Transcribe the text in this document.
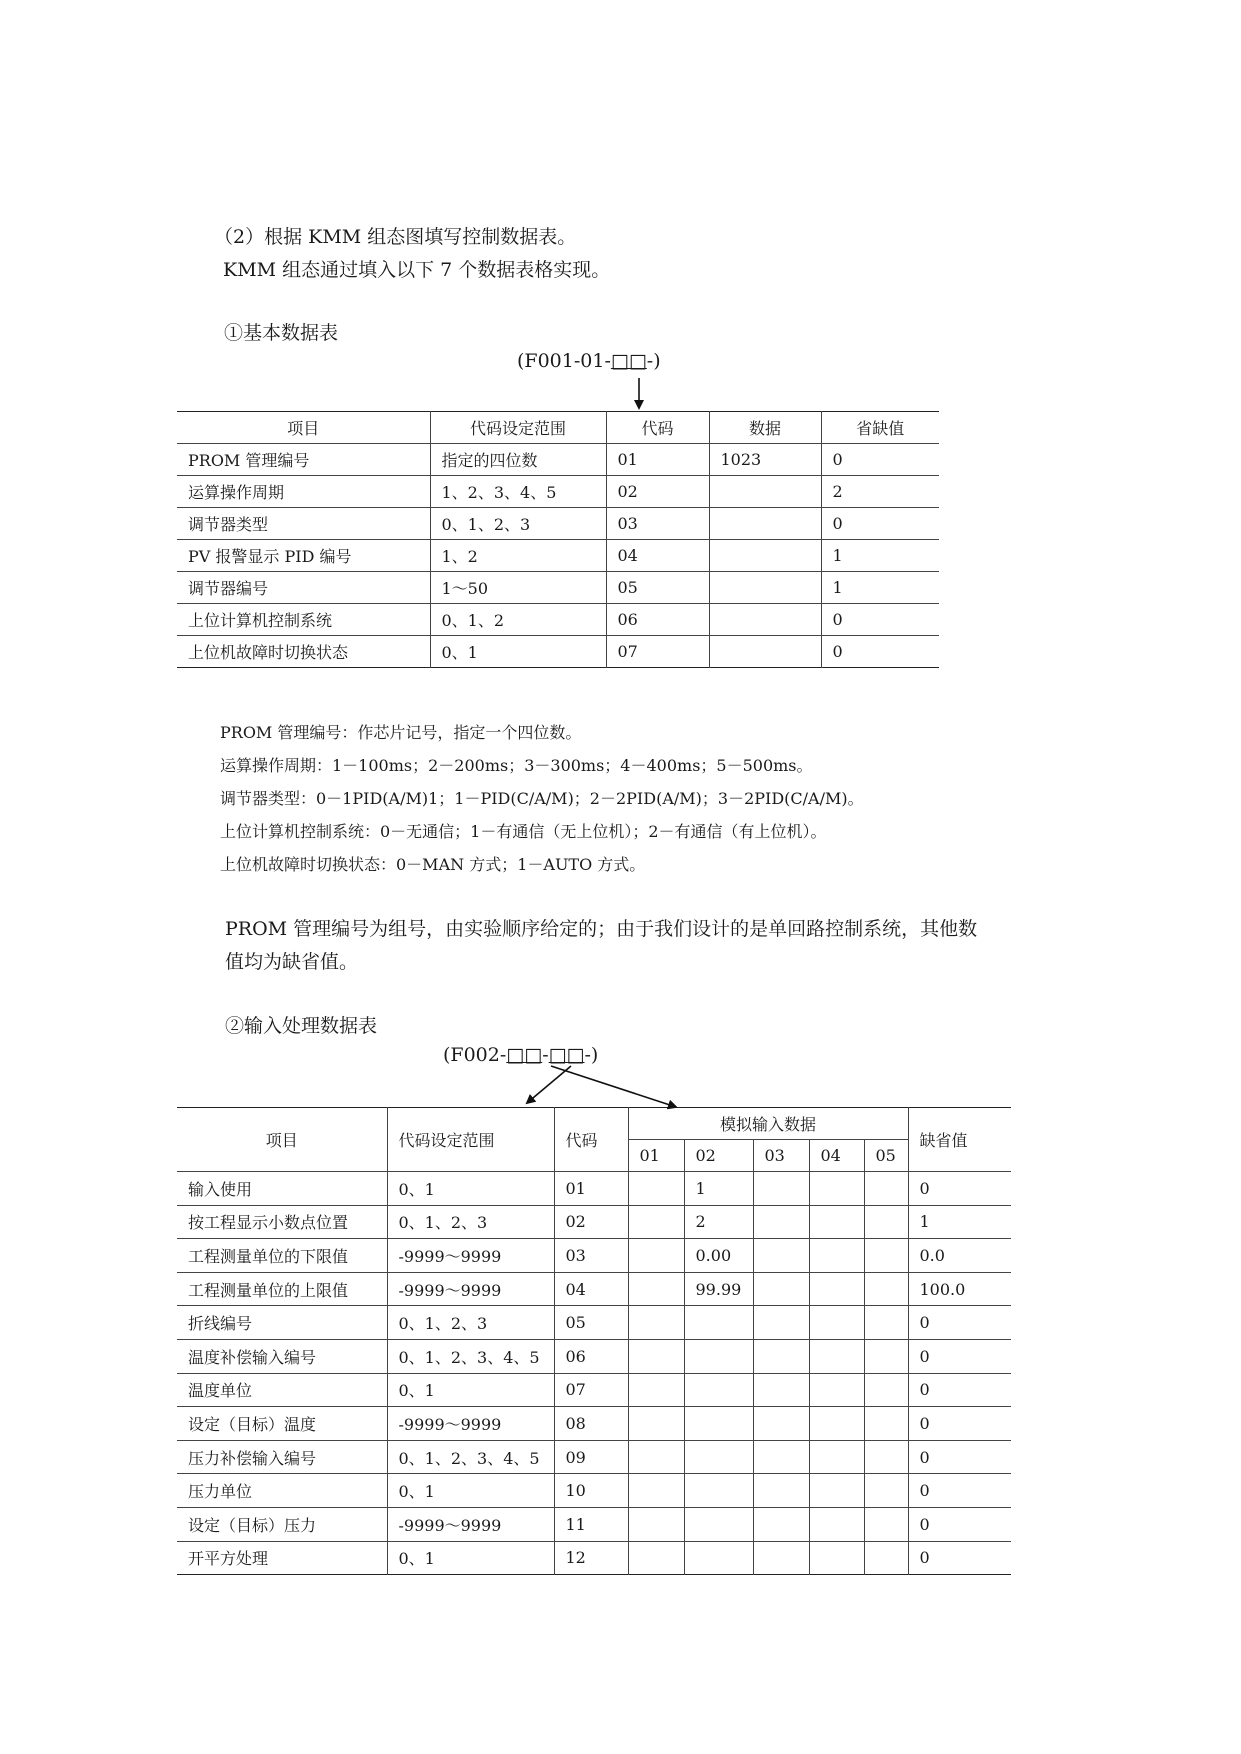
（2）根据 KMM 组态图填写控制数据表。
KMM 组态通过填入以下 7 个数据表格实现。
①基本数据表
(F001-01-□□-)
项目	代码设定范围	代码	数据	省缺值
PROM 管理编号	指定的四位数	01	1023	0
运算操作周期	1、2、3、4、5	02		2
调节器类型	0、1、2、3	03		0
PV 报警显示 PID 编号	1、2	04		1
调节器编号	1～50	05		1
上位计算机控制系统	0、1、2	06		0
上位机故障时切换状态	0、1	07		0
PROM 管理编号：作芯片记号，指定一个四位数。
运算操作周期：1－100ms；2－200ms；3－300ms；4－400ms；5－500ms。
调节器类型：0－1PID(A/M)1；1－PID(C/A/M)；2－2PID(A/M)；3－2PID(C/A/M)。
上位计算机控制系统：0－无通信；1－有通信（无上位机）；2－有通信（有上位机）。
上位机故障时切换状态：0－MAN 方式；1－AUTO 方式。
PROM 管理编号为组号，由实验顺序给定的；由于我们设计的是单回路控制系统，其他数
值均为缺省值。
②输入处理数据表
(F002-□□-□□-)
项目	代码设定范围	代码	模拟输入数据					缺省值
			01	02	03	04	05	
输入使用	0、1	01		1				0
按工程显示小数点位置	0、1、2、3	02		2				1
工程测量单位的下限值	-9999～9999	03		0.00				0.0
工程测量单位的上限值	-9999～9999	04		99.99				100.0
折线编号	0、1、2、3	05						0
温度补偿输入编号	0、1、2、3、4、5	06						0
温度单位	0、1	07						0
设定（目标）温度	-9999～9999	08						0
压力补偿输入编号	0、1、2、3、4、5	09						0
压力单位	0、1	10						0
设定（目标）压力	-9999～9999	11						0
开平方处理	0、1	12						0
